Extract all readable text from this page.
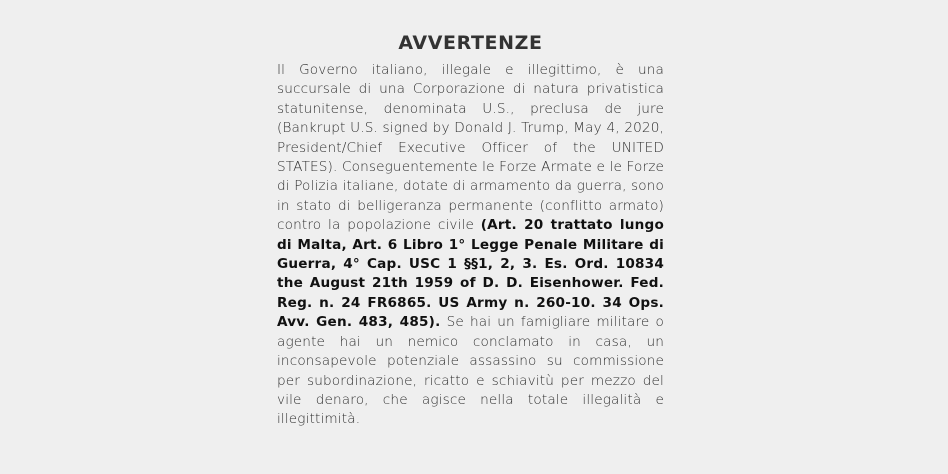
AVVERTENZE

Il Governo italiano, illegale e illegittimo, è una succursale di una Corporazione di natura privatistica statunitense, denominata U.S., preclusa de jure (Bankrupt U.S. signed by Donald J. Trump, May 4, 2020, President/Chief Executive Officer of the UNITED STATES). Conseguentemente le Forze Armate e le Forze di Polizia italiane, dotate di armamento da guerra, sono in stato di belligeranza permanente (conflitto armato) contro la popolazione civile (Art. 20 trattato lungo di Malta, Art. 6 Libro 1° Legge Penale Militare di Guerra, 4° Cap. USC 1 §§1, 2, 3. Es. Ord. 10834 the August 21th 1959 of D. D. Eisenhower. Fed. Reg. n. 24 FR6865. US Army n. 260-10. 34 Ops. Avv. Gen. 483, 485). Se hai un famigliare militare o agente hai un nemico conclamato in casa, un inconsapevole potenziale assassino su commissione per subordinazione, ricatto e schiavitù per mezzo del vile denaro, che agisce nella totale illegalità e illegittimità.
